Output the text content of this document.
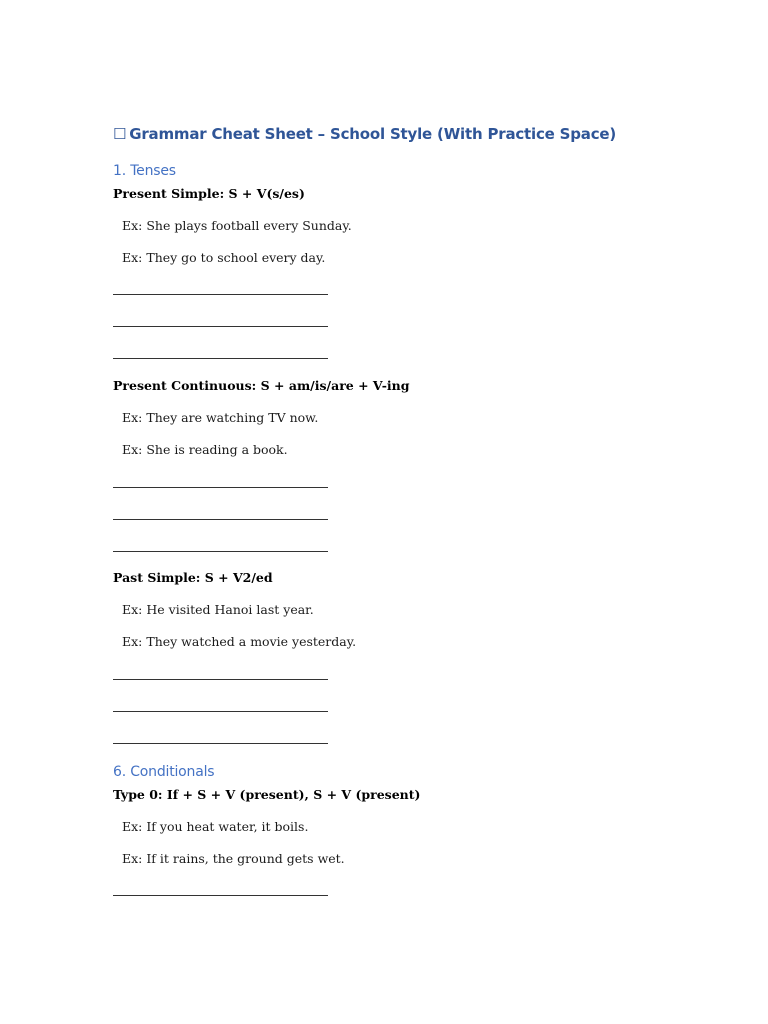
☐ Grammar Cheat Sheet – School Style (With Practice Space)
1. Tenses
Present Simple: S + V(s/es)
Ex: She plays football every Sunday.
Ex: They go to school every day.
Present Continuous: S + am/is/are + V-ing
Ex: They are watching TV now.
Ex: She is reading a book.
Past Simple: S + V2/ed
Ex: He visited Hanoi last year.
Ex: They watched a movie yesterday.
6. Conditionals
Type 0: If + S + V (present), S + V (present)
Ex: If you heat water, it boils.
Ex: If it rains, the ground gets wet.
